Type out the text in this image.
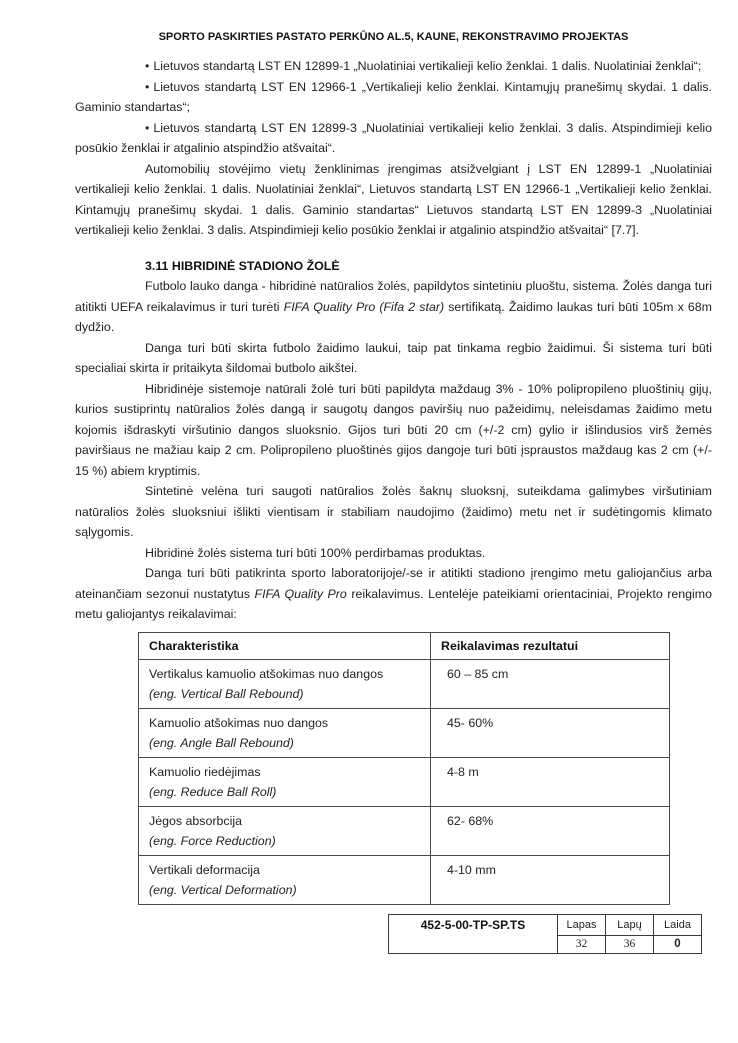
SPORTO PASKIRTIES PASTATO PERKŪNO AL.5, KAUNE, REKONSTRAVIMO PROJEKTAS

• Lietuvos standartą LST EN 12899-1 „Nuolatiniai vertikalieji kelio ženklai. 1 dalis. Nuolatiniai ženklai“;

• Lietuvos standartą LST EN 12966-1 „Vertikalieji kelio ženklai. Kintamųjų pranešimų skydai. 1 dalis. Gaminio standartas“;

• Lietuvos standartą LST EN 12899-3 „Nuolatiniai vertikalieji kelio ženklai. 3 dalis. Atspindimieji kelio posūkio ženklai ir atgalinio atspindžio atšvaitai“.

Automobilių stovėjimo vietų ženklinimas įrengimas atsižvelgiant į LST EN 12899-1 „Nuolatiniai vertikalieji kelio ženklai. 1 dalis. Nuolatiniai ženklai“, Lietuvos standartą LST EN 12966-1 „Vertikalieji kelio ženklai. Kintamųjų pranešimų skydai. 1 dalis. Gaminio standartas“ Lietuvos standartą LST EN 12899-3 „Nuolatiniai vertikalieji kelio ženklai. 3 dalis. Atspindimieji kelio posūkio ženklai ir atgalinio atspindžio atšvaitai“ [7.7].

3.11 HIBRIDINĖ STADIONO ŽOLĖ

Futbolo lauko danga - hibridinė natūralios žolės, papildytos sintetiniu pluoštu, sistema. Žolės danga turi atitikti UEFA reikalavimus ir turi turėti FIFA Quality Pro (Fifa 2 star) sertifikatą. Žaidimo laukas turi būti 105m x 68m dydžio.

Danga turi būti skirta futbolo žaidimo laukui, taip pat tinkama regbio žaidimui. Ši sistema turi būti specialiai skirta ir pritaikyta šildomai butbolo aikštei.

Hibridinėje sistemoje natūrali žolė turi būti papildyta maždaug 3% - 10% polipropileno pluoštinių gijų, kurios sustiprintų natūralios žolės dangą ir saugotų dangos paviršių nuo pažeidimų, neleisdamas žaidimo metu kojomis išdraskyti viršutinio dangos sluoksnio. Gijos turi būti 20 cm (+/-2 cm) gylio ir išlindusios virš žemės paviršiaus ne mažiau kaip 2 cm. Polipropileno pluoštinės gijos dangoje turi būti įspraustos maždaug kas 2 cm (+/- 15 %) abiem kryptimis.

Sintetinė velėna turi saugoti natūralios žolės šaknų sluoksnį, suteikdama galimybes viršutiniam natūralios žolės sluoksniui išlikti vientisam ir stabiliam naudojimo (žaidimo) metu net ir sudėtingomis klimato sąlygomis.

Hibridinė žolės sistema turi būti 100% perdirbamas produktas.

Danga turi būti patikrinta sporto laboratorijoje/-se ir atitikti stadiono įrengimo metu galiojančius arba ateinančiam sezonui nustatytus FIFA Quality Pro reikalavimus. Lentelėje pateikiami orientaciniai, Projekto rengimo metu galiojantys reikalavimai:

Charakteristika	Reikalavimas rezultatui
Vertikalus kamuolio atšokimas nuo dangos
(eng. Vertical Ball Rebound)	60 – 85 cm
Kamuolio atšokimas nuo dangos
(eng. Angle Ball Rebound)	45- 60%
Kamuolio riedėjimas
(eng. Reduce Ball Roll)	4-8 m
Jėgos absorbcija
(eng. Force Reduction)	62- 68%
Vertikali deformacija
(eng. Vertical Deformation)	4-10 mm
452-5-00-TP-SP.TS	Lapas	Lapų	Laida
	32	36	0
